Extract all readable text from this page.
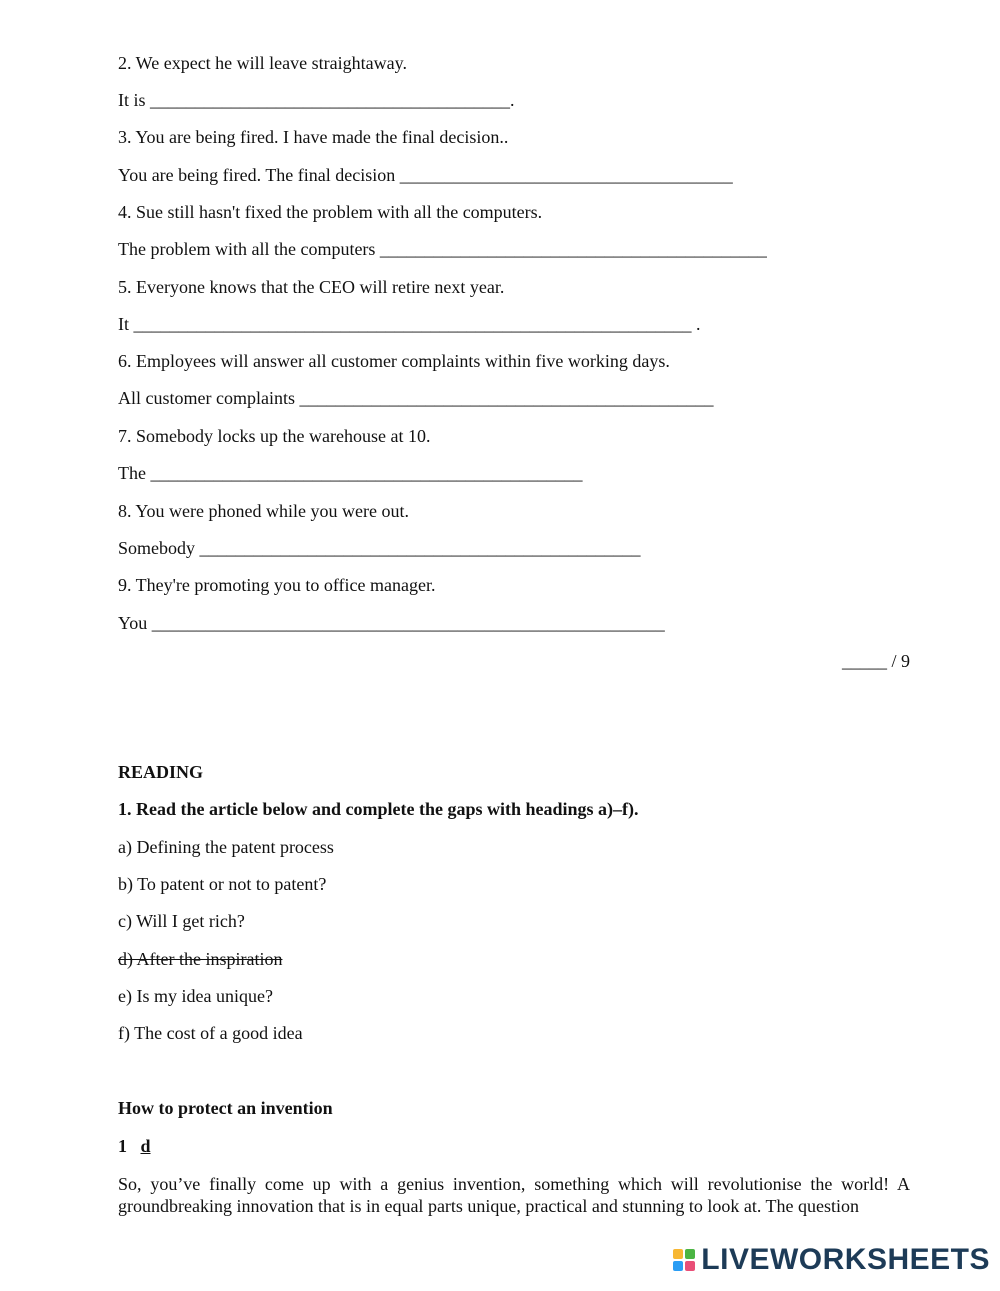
2. We expect he will leave straightaway.
It is ________________________________________.
3. You are being fired. I have made the final decision..
You are being fired. The final decision _____________________________________
4. Sue still hasn't fixed the problem with all the computers.
The problem with all the computers ___________________________________________
5. Everyone knows that the CEO will retire next year.
It ______________________________________________________________ .
6. Employees will answer all customer complaints within five working days.
All customer complaints ______________________________________________
7. Somebody locks up the warehouse at 10.
The ________________________________________________
8. You were phoned while you were out.
Somebody _________________________________________________
9. They're promoting you to office manager.
You _________________________________________________________
_____ / 9
READING
1. Read the article below and complete the gaps with headings a)–f).
a) Defining the patent process
b) To patent or not to patent?
c) Will I get rich?
d) After the inspiration
e) Is my idea unique?
f) The cost of a good idea
How to protect an invention
1 d
So, you’ve finally come up with a genius invention, something which will revolutionise the world! A groundbreaking innovation that is in equal parts unique, practical and stunning to look at. The question
LIVEWORKSHEETS
